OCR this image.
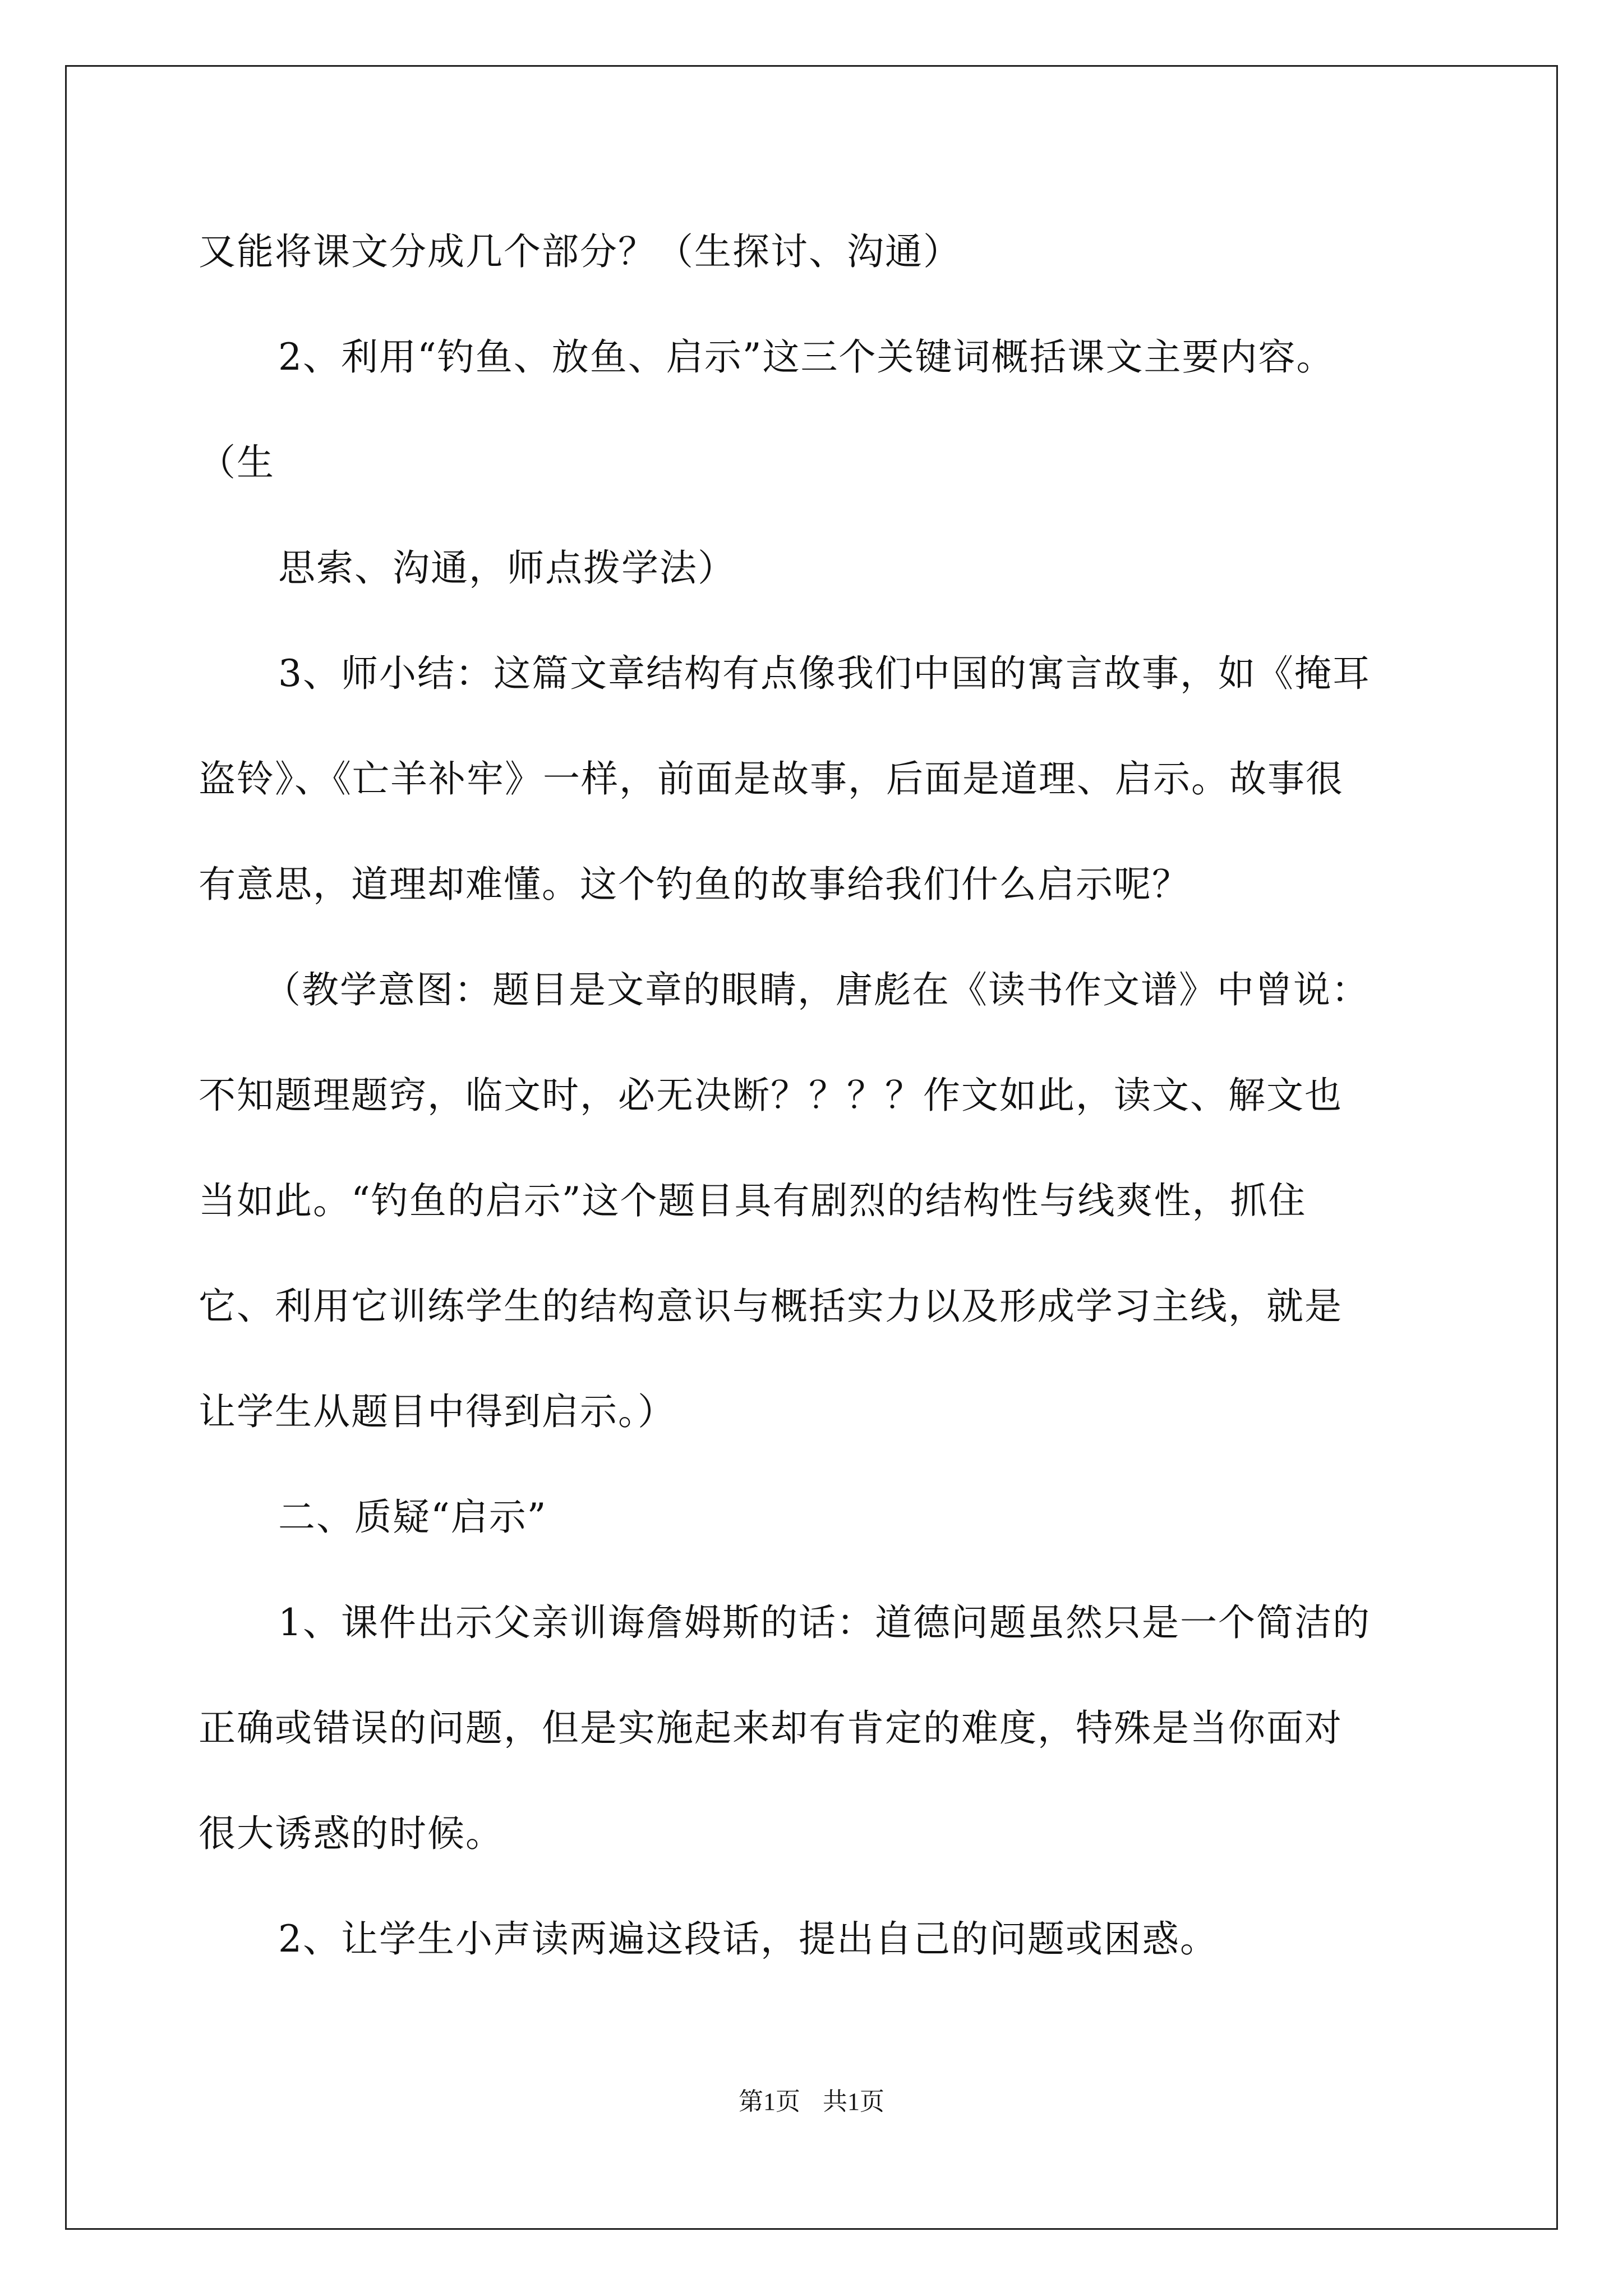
又能将课文分成几个部分？（生探讨、沟通）
2、利用“钓鱼、放鱼、启示”这三个关键词概括课文主要内容。
（生
思索、沟通，师点拨学法）
3、师小结：这篇文章结构有点像我们中国的寓言故事，如《掩耳
盗铃》、《亡羊补牢》一样，前面是故事，后面是道理、启示。故事很
有意思，道理却难懂。这个钓鱼的故事给我们什么启示呢？
（教学意图：题目是文章的眼睛，唐彪在《读书作文谱》中曾说：
不知题理题窍，临文时，必无决断？？？？作文如此，读文、解文也
当如此。“钓鱼的启示”这个题目具有剧烈的结构性与线爽性，抓住
它、利用它训练学生的结构意识与概括实力以及形成学习主线，就是
让学生从题目中得到启示。）
二、质疑“启示”
1、课件出示父亲训诲詹姆斯的话：道德问题虽然只是一个简洁的
正确或错误的问题，但是实施起来却有肯定的难度，特殊是当你面对
很大诱惑的时候。
2、让学生小声读两遍这段话，提出自己的问题或困惑。
第1页 共1页
